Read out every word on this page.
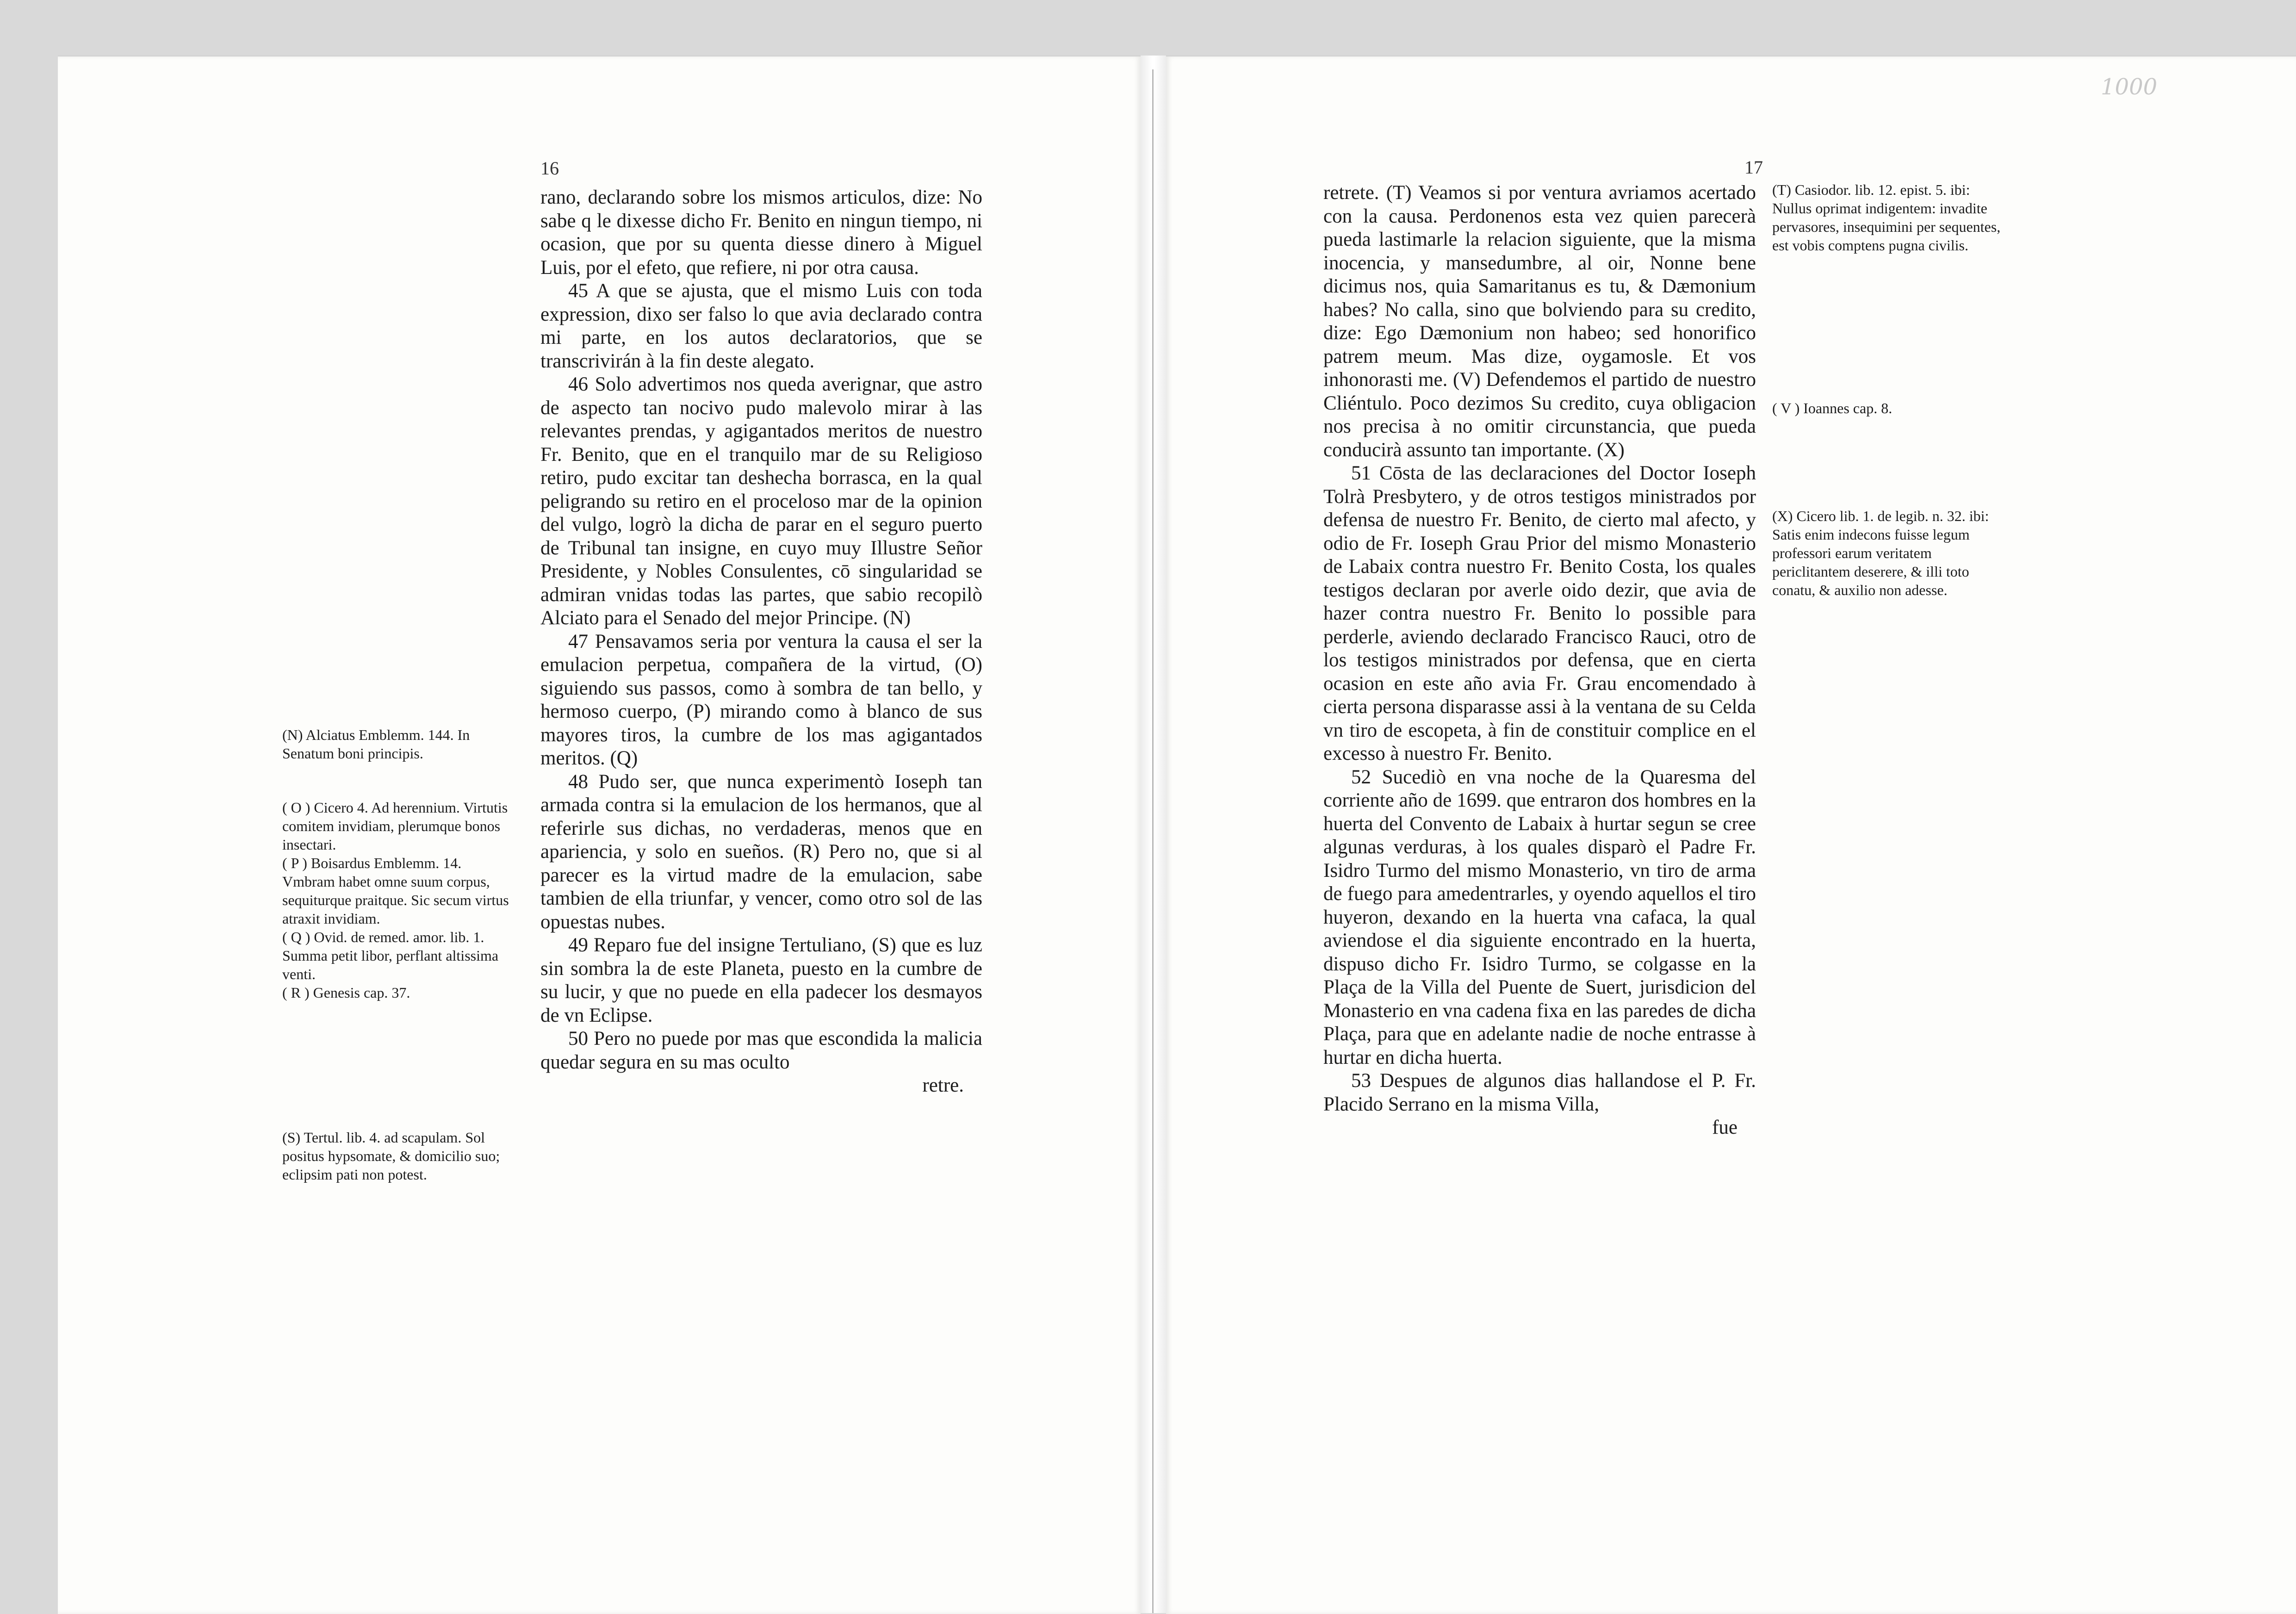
16

rano, declarando sobre los mismos articulos, dize: No sabe q le dixesse dicho Fr. Benito en ningun tiempo, ni ocasion, que por su quenta diesse dinero à Miguel Luis, por el efeto, que refiere, ni por otra causa.

45 A que se ajusta, que el mismo Luis con toda expression, dixo ser falso lo que avia declarado contra mi parte, en los autos declaratorios, que se transcrivirán à la fin deste alegato.

46 Solo advertimos nos queda averignar, que astro de aspecto tan nocivo pudo malevolo mirar à las relevantes prendas, y agigantados meritos de nuestro Fr. Benito, que en el tranquilo mar de su Religioso retiro, pudo excitar tan deshecha borrasca, en la qual peligrando su retiro en el proceloso mar de la opinion del vulgo, logrò la dicha de parar en el seguro puerto de Tribunal tan insigne, en cuyo muy Illustre Señor Presidente, y Nobles Consulentes, cō singularidad se admiran vnidas todas las partes, que sabio recopilò Alciato para el Senado del mejor Principe. (N)

47 Pensavamos seria por ventura la causa el ser la emulacion perpetua, compañera de la virtud, (O) siguiendo sus passos, como à sombra de tan bello, y hermoso cuerpo, (P) mirando como à blanco de sus mayores tiros, la cumbre de los mas agigantados meritos. (Q)

48 Pudo ser, que nunca experimentò Ioseph tan armada contra si la emulacion de los hermanos, que al referirle sus dichas, no verdaderas, menos que en apariencia, y solo en sueños. (R) Pero no, que si al parecer es la virtud madre de la emulacion, sabe tambien de ella triunfar, y vencer, como otro sol de las opuestas nubes.

49 Reparo fue del insigne Tertuliano, (S) que es luz sin sombra la de este Planeta, puesto en la cumbre de su lucir, y que no puede en ella padecer los desmayos de vn Eclipse.

50 Pero no puede por mas que escondida la malicia quedar segura en su mas oculto

retre.

(N) Alciatus Emblemm. 144. In Senatum boni principis.

( O ) Cicero 4. Ad herennium. Virtutis comitem invidiam, plerumque bonos insectari.

( P ) Boisardus Emblemm. 14. Vmbram habet omne suum corpus, sequiturque praitque. Sic secum virtus atraxit invidiam.

( Q ) Ovid. de remed. amor. lib. 1. Summa petit libor, perflant altissima venti.

( R ) Genesis cap. 37.

(S) Tertul. lib. 4. ad scapulam. Sol positus hypsomate, & domicilio suo; eclipsim pati non potest.

17
1000

retrete. (T) Veamos si por ventura avriamos acertado con la causa. Perdonenos esta vez quien parecerà pueda lastimarle la relacion siguiente, que la misma inocencia, y mansedumbre, al oir, Nonne bene dicimus nos, quia Samaritanus es tu, & Dæmonium habes? No calla, sino que bolviendo para su credito, dize: Ego Dæmonium non habeo; sed honorifico patrem meum. Mas dize, oygamosle. Et vos inhonorasti me. (V) Defendemos el partido de nuestro Cliéntulo. Poco dezimos Su credito, cuya obligacion nos precisa à no omitir circunstancia, que pueda conducirà assunto tan importante. (X)

51 Cōsta de las declaraciones del Doctor Ioseph Tolrà Presbytero, y de otros testigos ministrados por defensa de nuestro Fr. Benito, de cierto mal afecto, y odio de Fr. Ioseph Grau Prior del mismo Monasterio de Labaix contra nuestro Fr. Benito Costa, los quales testigos declaran por averle oido dezir, que avia de hazer contra nuestro Fr. Benito lo possible para perderle, aviendo declarado Francisco Rauci, otro de los testigos ministrados por defensa, que en cierta ocasion en este año avia Fr. Grau encomendado à cierta persona disparasse assi à la ventana de su Celda vn tiro de escopeta, à fin de constituir complice en el excesso à nuestro Fr. Benito.

52 Sucediò en vna noche de la Quaresma del corriente año de 1699. que entraron dos hombres en la huerta del Convento de Labaix à hurtar segun se cree algunas verduras, à los quales disparò el Padre Fr. Isidro Turmo del mismo Monasterio, vn tiro de arma de fuego para amedentrarles, y oyendo aquellos el tiro huyeron, dexando en la huerta vna cafaca, la qual aviendose el dia siguiente encontrado en la huerta, dispuso dicho Fr. Isidro Turmo, se colgasse en la Plaça de la Villa del Puente de Suert, jurisdicion del Monasterio en vna cadena fixa en las paredes de dicha Plaça, para que en adelante nadie de noche entrasse à hurtar en dicha huerta.

53 Despues de algunos dias hallandose el P. Fr. Placido Serrano en la misma Villa,

fue

(T) Casiodor. lib. 12. epist. 5. ibi: Nullus oprimat indigentem: invadite pervasores, insequimini per sequentes, est vobis comptens pugna civilis.

( V ) Ioannes cap. 8.

(X) Cicero lib. 1. de legib. n. 32. ibi: Satis enim indecons fuisse legum professori earum veritatem periclitantem deserere, & illi toto conatu, & auxilio non adesse.
